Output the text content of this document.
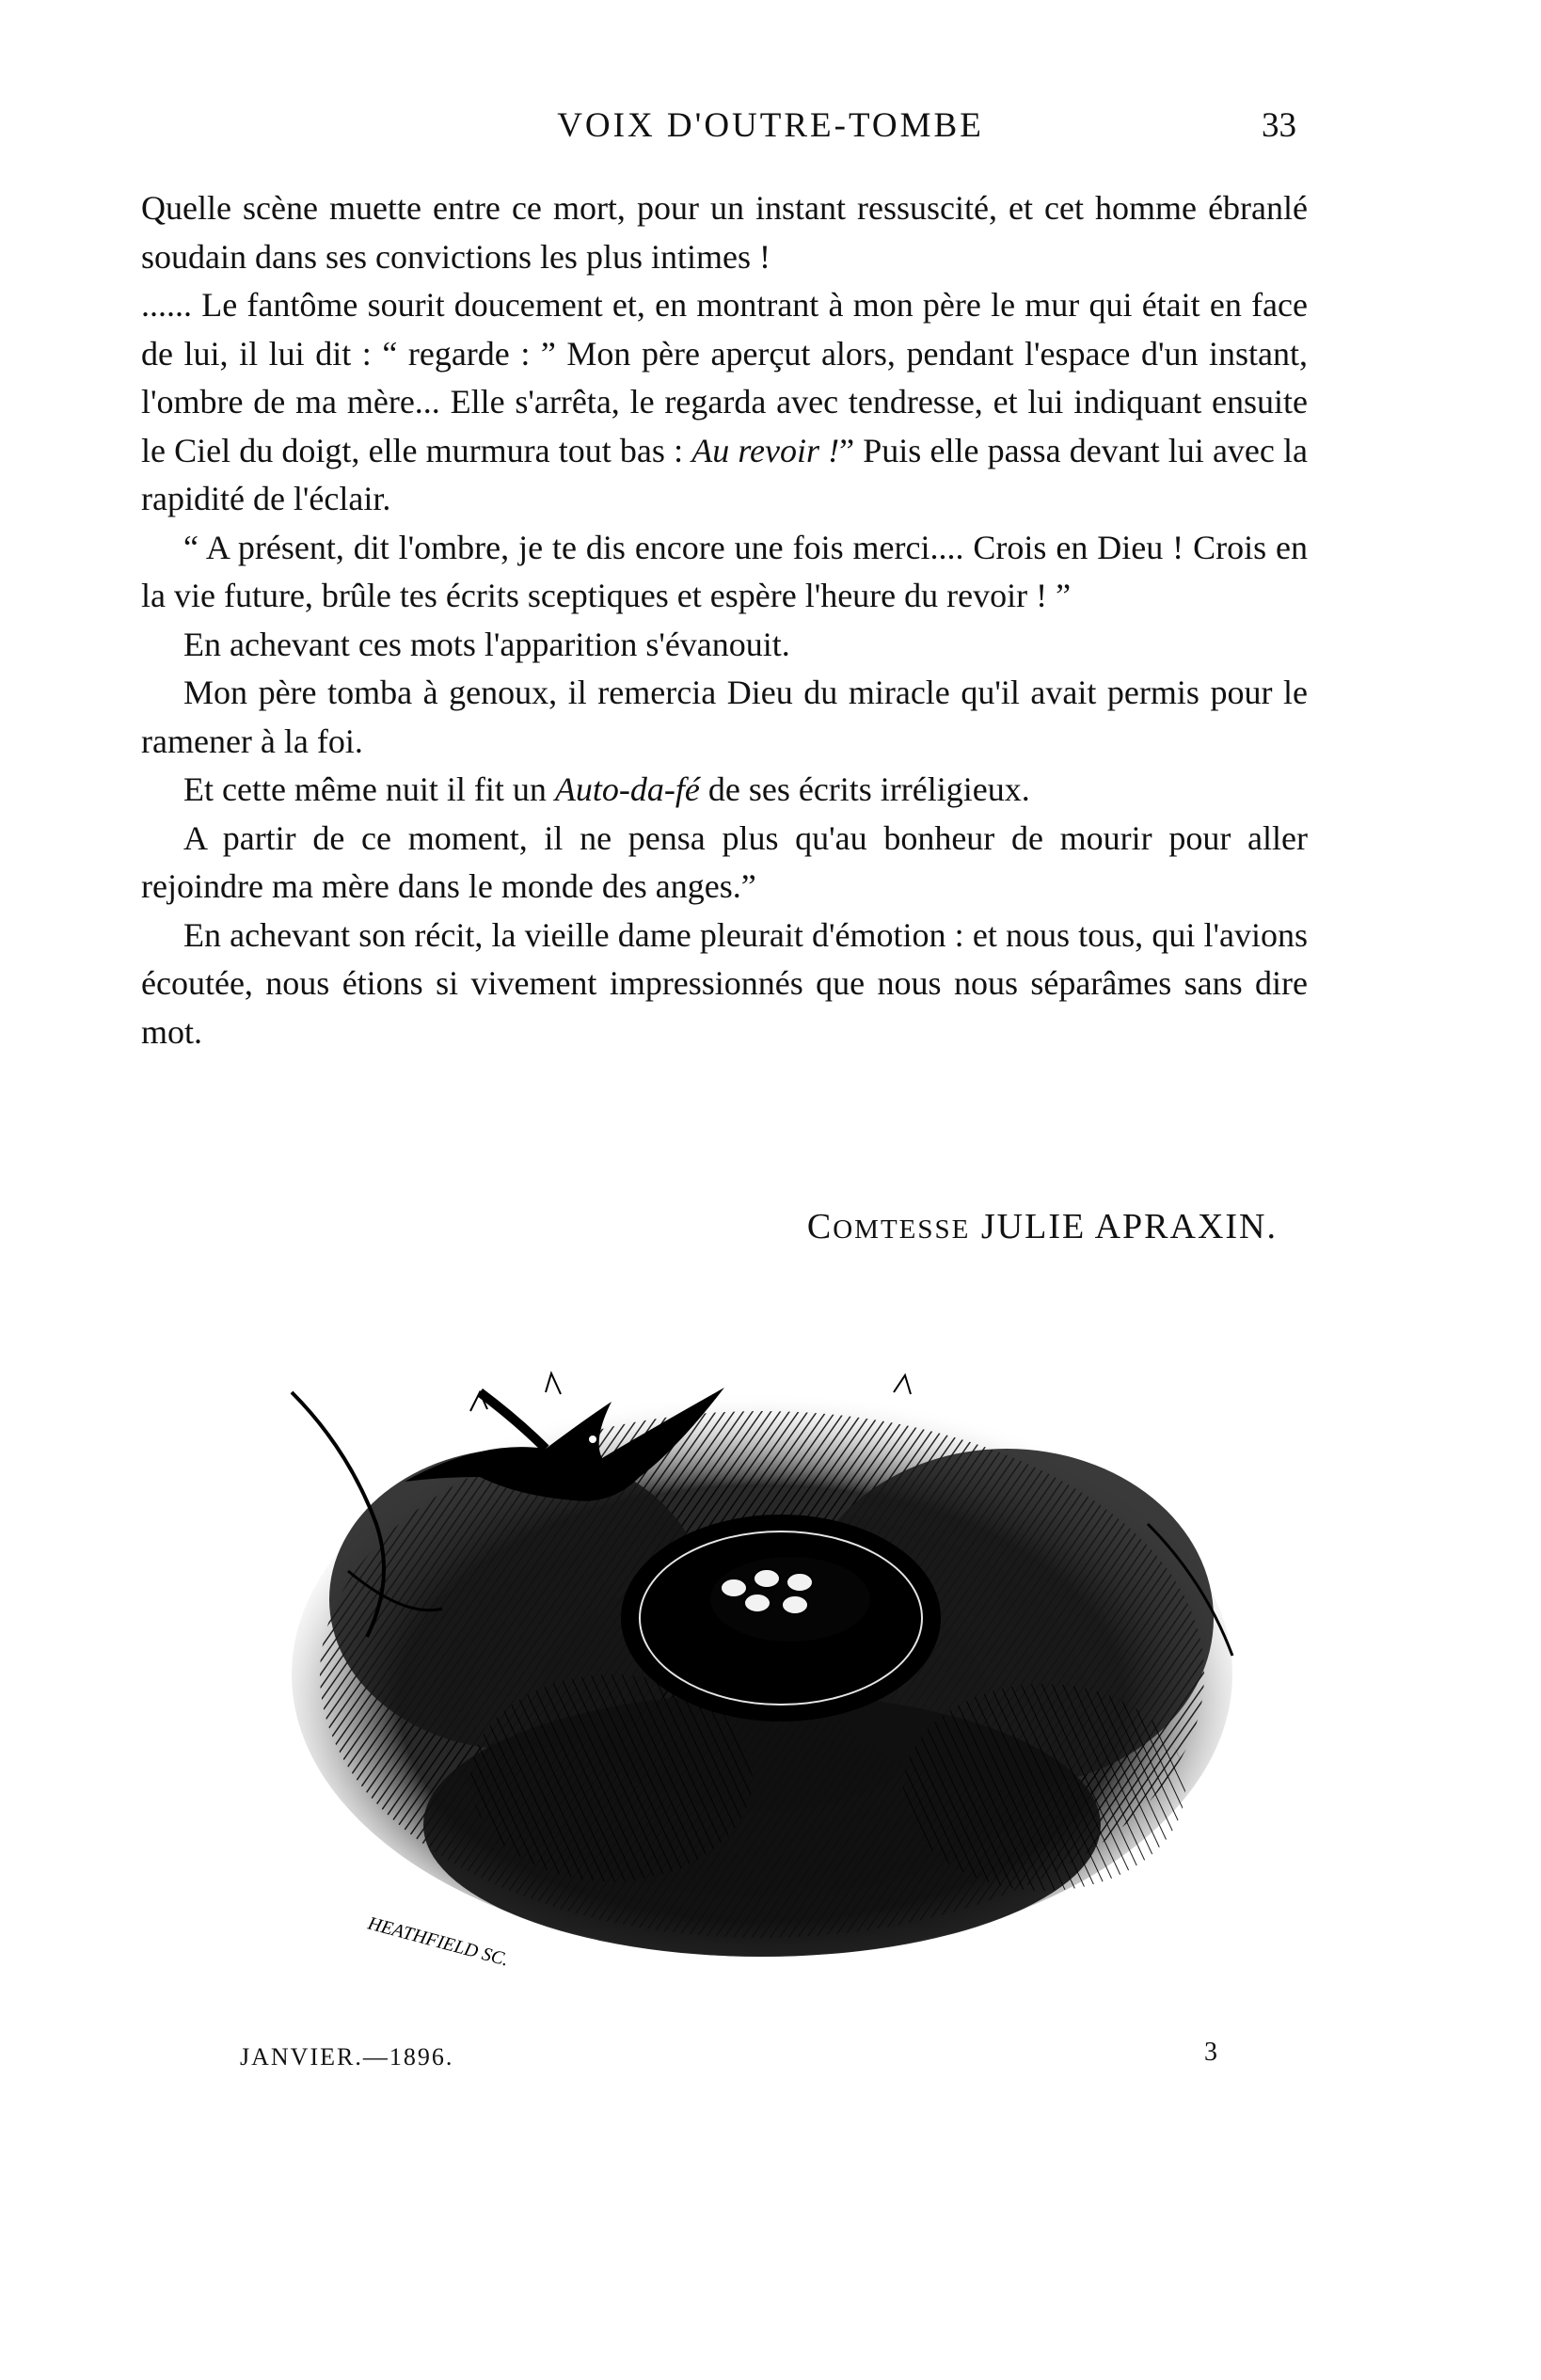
VOIX D'OUTRE-TOMBE	33

Quelle scène muette entre ce mort, pour un instant ressuscité, et cet homme ébranlé soudain dans ses convictions les plus intimes !

...... Le fantôme sourit doucement et, en montrant à mon père le mur qui était en face de lui, il lui dit : “ regarde : ” Mon père aperçut alors, pendant l'espace d'un instant, l'ombre de ma mère... Elle s'arrêta, le regarda avec tendresse, et lui indiquant ensuite le Ciel du doigt, elle murmura tout bas : Au revoir !” Puis elle passa devant lui avec la rapidité de l'éclair.

“ A présent, dit l'ombre, je te dis encore une fois merci.... Crois en Dieu ! Crois en la vie future, brûle tes écrits sceptiques et espère l'heure du revoir ! ”

En achevant ces mots l'apparition s'évanouit.

Mon père tomba à genoux, il remercia Dieu du miracle qu'il avait permis pour le ramener à la foi.

Et cette même nuit il fit un Auto-da-fé de ses écrits irréligieux.

A partir de ce moment, il ne pensa plus qu'au bonheur de mourir pour aller rejoindre ma mère dans le monde des anges.”

En achevant son récit, la vieille dame pleurait d'émotion : et nous tous, qui l'avions écoutée, nous étions si vivement impressionnés que nous nous séparâmes sans dire mot.

COMTESSE JULIE APRAXIN.
HEATHFIELD SC.
JANVIER.—1896.	3
